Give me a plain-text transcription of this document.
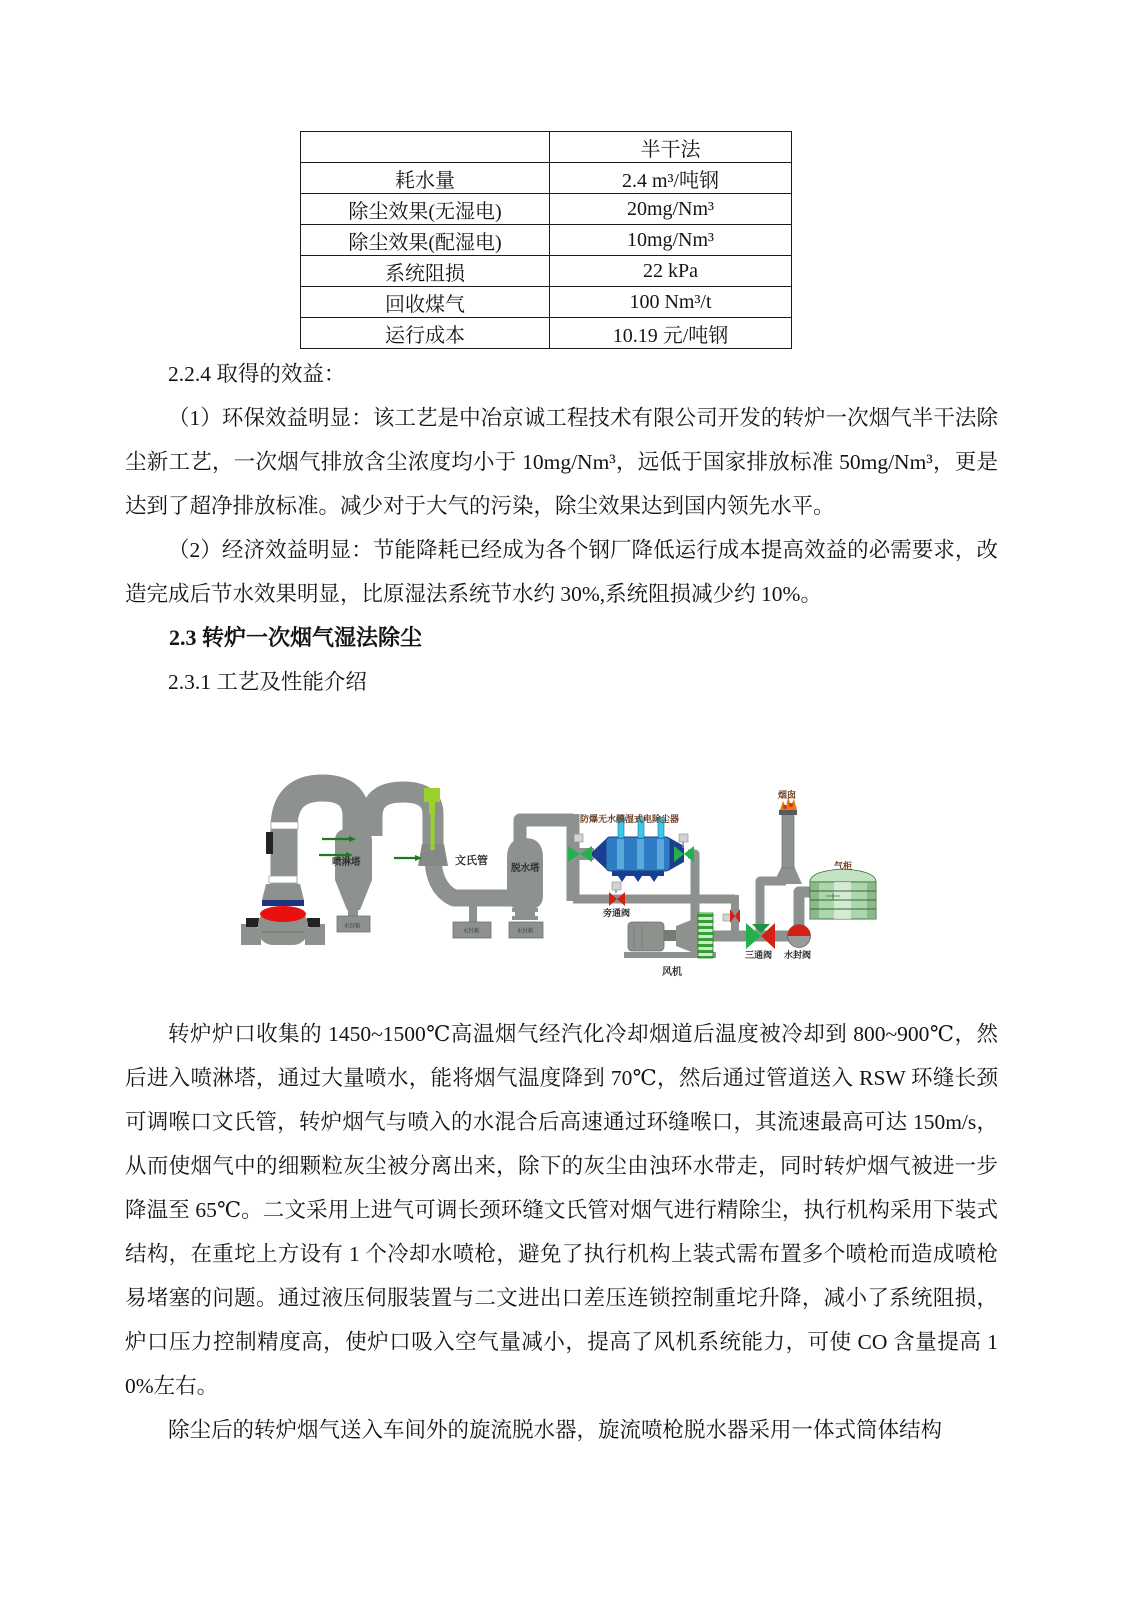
	半干法
耗水量	2.4 m³/吨钢
除尘效果(无湿电)	20mg/Nm³
除尘效果(配湿电)	10mg/Nm³
系统阻损	22 kPa
回收煤气	100 Nm³/t
运行成本	10.19 元/吨钢
2.2.4 取得的效益：
（1）环保效益明显：该工艺是中冶京诚工程技术有限公司开发的转炉一次烟气半干法除尘新工艺，一次烟气排放含尘浓度均小于 10mg/Nm³，远低于国家排放标准 50mg/Nm³，更是达到了超净排放标准。减少对于大气的污染，除尘效果达到国内领先水平。
（2）经济效益明显：节能降耗已经成为各个钢厂降低运行成本提高效益的必需要求，改造完成后节水效果明显，比原湿法系统节水约 30%,系统阻损减少约 10%。
2.3 转炉一次烟气湿法除尘
2.3.1 工艺及性能介绍
喷淋塔	文氏管
脱水塔
防爆无水膜湿式电除尘器
旁通阀
风机
三通阀 水封阀
烟囱
气柜
水封箱
水封箱	水封箱
转炉炉口收集的 1450~1500℃高温烟气经汽化冷却烟道后温度被冷却到 800~900℃，然后进入喷淋塔，通过大量喷水，能将烟气温度降到 70℃，然后通过管道送入 RSW 环缝长颈可调喉口文氏管，转炉烟气与喷入的水混合后高速通过环缝喉口，其流速最高可达 150m/s，从而使烟气中的细颗粒灰尘被分离出来，除下的灰尘由浊环水带走，同时转炉烟气被进一步降温至 65℃。二文采用上进气可调长颈环缝文氏管对烟气进行精除尘，执行机构采用下装式结构，在重坨上方设有 1 个冷却水喷枪，避免了执行机构上装式需布置多个喷枪而造成喷枪易堵塞的问题。通过液压伺服装置与二文进出口差压连锁控制重坨升降，减小了系统阻损，炉口压力控制精度高，使炉口吸入空气量减小，提高了风机系统能力，可使 CO 含量提高 10%左右。
除尘后的转炉烟气送入车间外的旋流脱水器，旋流喷枪脱水器采用一体式筒体结构
